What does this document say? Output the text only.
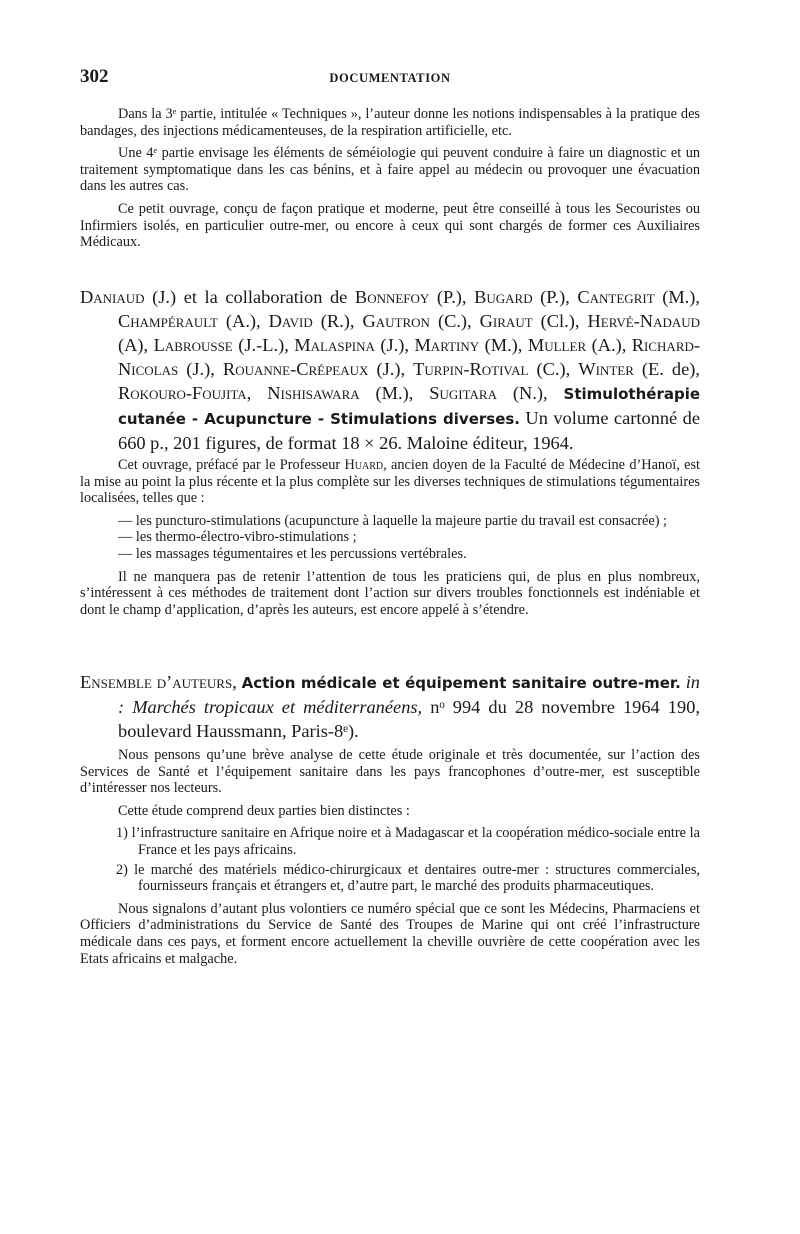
302	DOCUMENTATION

Dans la 3ᵉ partie, intitulée « Techniques », l’auteur donne les notions indispensables à la pratique des bandages, des injections médicamenteuses, de la respiration artificielle, etc.

Une 4ᵉ partie envisage les éléments de séméiologie qui peuvent conduire à faire un diagnostic et un traitement symptomatique dans les cas bénins, et à faire appel au médecin ou provoquer une évacuation dans les autres cas.

Ce petit ouvrage, conçu de façon pratique et moderne, peut être conseillé à tous les Secouristes ou Infirmiers isolés, en particulier outre-mer, ou encore à ceux qui sont chargés de former ces Auxiliaires Médicaux.

Daniaud (J.) et la collaboration de Bonnefoy (P.), Bugard (P.), Cantegrit (M.), Champérault (A.), David (R.), Gautron (C.), Giraut (Cl.), Hervé-Nadaud (A), Labrousse (J.-L.), Malaspina (J.), Martiny (M.), Muller (A.), Richard-Nicolas (J.), Rouanne-Crépeaux (J.), Turpin-Rotival (C.), Winter (E. de), Rokouro-Foujita, Nishisawara (M.), Sugitara (N.), Stimulothérapie cutanée - Acupuncture - Stimulations diverses. Un volume cartonné de 660 p., 201 figures, de format 18 × 26. Maloine éditeur, 1964.

Cet ouvrage, préfacé par le Professeur Huard, ancien doyen de la Faculté de Médecine d’Hanoï, est la mise au point la plus récente et la plus complète sur les diverses techniques de stimulations tégumentaires localisées, telles que :

— les puncturo-stimulations (acupuncture à laquelle la majeure partie du travail est consacrée) ;
— les thermo-électro-vibro-stimulations ;
— les massages tégumentaires et les percussions vertébrales.

Il ne manquera pas de retenir l’attention de tous les praticiens qui, de plus en plus nombreux, s’intéressent à ces méthodes de traitement dont l’action sur divers troubles fonctionnels est indéniable et dont le champ d’application, d’après les auteurs, est encore appelé à s’étendre.

Ensemble d’auteurs, Action médicale et équipement sanitaire outre-mer. in : Marchés tropicaux et méditerranéens, nᵒ 994 du 28 novembre 1964 190, boulevard Haussmann, Paris-8ᵉ).

Nous pensons qu’une brève analyse de cette étude originale et très documentée, sur l’action des Services de Santé et l’équipement sanitaire dans les pays francophones d’outre-mer, est susceptible d’intéresser nos lecteurs.

Cette étude comprend deux parties bien distinctes :

1) l’infrastructure sanitaire en Afrique noire et à Madagascar et la coopération médico-sociale entre la France et les pays africains.
2) le marché des matériels médico-chirurgicaux et dentaires outre-mer : structures commerciales, fournisseurs français et étrangers et, d’autre part, le marché des produits pharmaceutiques.

Nous signalons d’autant plus volontiers ce numéro spécial que ce sont les Médecins, Pharmaciens et Officiers d’administrations du Service de Santé des Troupes de Marine qui ont créé l’infrastructure médicale dans ces pays, et forment encore actuellement la cheville ouvrière de cette coopération avec les Etats africains et malgache.
